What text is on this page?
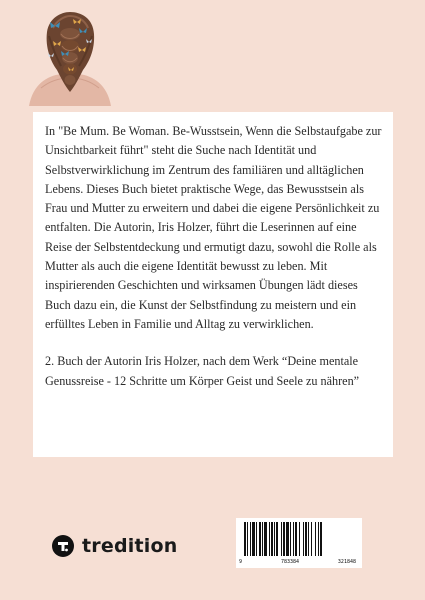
In "Be Mum. Be Woman. Be-Wusstsein, Wenn die Selbstaufgabe zur Unsichtbarkeit führt" steht die Suche nach Identität und Selbstverwirklichung im Zentrum des familiären und alltäglichen Lebens. Dieses Buch bietet praktische Wege, das Bewusstsein als Frau und Mutter zu erweitern und dabei die eigene Persönlichkeit zu entfalten. Die Autorin, Iris Holzer, führt die Leserinnen auf eine Reise der Selbstentdeckung und ermutigt dazu, sowohl die Rolle als Mutter als auch die eigene Identität bewusst zu leben. Mit inspirierenden Geschichten und wirksamen Übungen lädt dieses Buch dazu ein, die Kunst der Selbstfindung zu meistern und ein erfülltes Leben in Familie und Alltag zu verwirklichen.

2. Buch der Autorin Iris Holzer, nach dem Werk “Deine mentale Genussreise - 12 Schritte um Körper Geist und Seele zu nähren”

tredition
9	783384	321848
